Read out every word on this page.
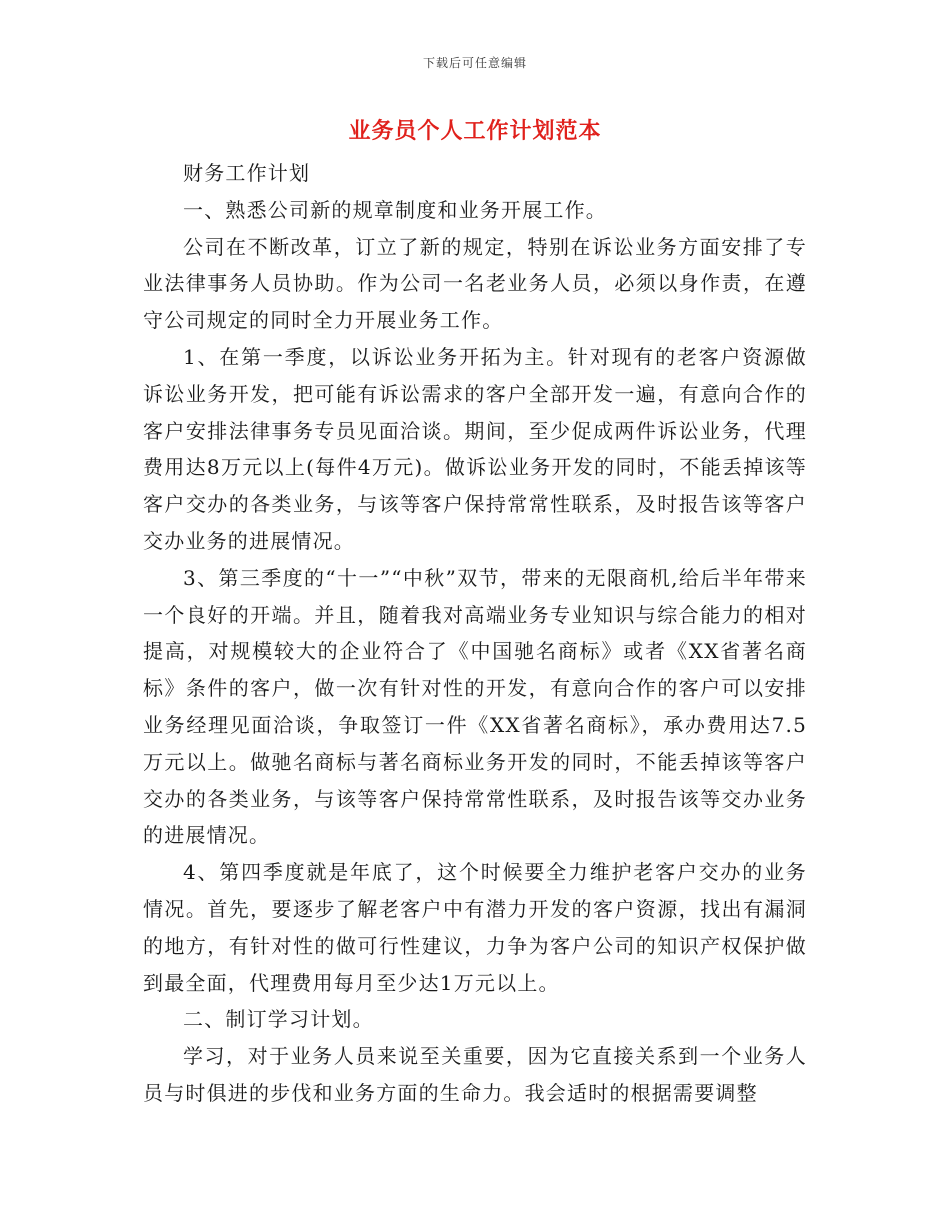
下载后可任意编辑
业务员个人工作计划范本

财务工作计划

一、熟悉公司新的规章制度和业务开展工作。

公司在不断改革，订立了新的规定，特别在诉讼业务方面安排了专业法律事务人员协助。作为公司一名老业务人员，必须以身作责，在遵守公司规定的同时全力开展业务工作。

1、在第一季度，以诉讼业务开拓为主。针对现有的老客户资源做诉讼业务开发，把可能有诉讼需求的客户全部开发一遍，有意向合作的客户安排法律事务专员见面洽谈。期间，至少促成两件诉讼业务，代理费用达8万元以上(每件4万元)。做诉讼业务开发的同时，不能丢掉该等客户交办的各类业务，与该等客户保持常常性联系，及时报告该等客户交办业务的进展情况。

3、第三季度的“十一”“中秋”双节，带来的无限商机,给后半年带来一个良好的开端。并且，随着我对高端业务专业知识与综合能力的相对提高，对规模较大的企业符合了《中国驰名商标》或者《XX省著名商标》条件的客户，做一次有针对性的开发，有意向合作的客户可以安排业务经理见面洽谈，争取签订一件《XX省著名商标》，承办费用达7.5万元以上。做驰名商标与著名商标业务开发的同时，不能丢掉该等客户交办的各类业务，与该等客户保持常常性联系，及时报告该等交办业务的进展情况。

4、第四季度就是年底了，这个时候要全力维护老客户交办的业务情况。首先，要逐步了解老客户中有潜力开发的客户资源，找出有漏洞的地方，有针对性的做可行性建议，力争为客户公司的知识产权保护做到最全面，代理费用每月至少达1万元以上。

二、制订学习计划。

学习，对于业务人员来说至关重要，因为它直接关系到一个业务人员与时俱进的步伐和业务方面的生命力。我会适时的根据需要调整
